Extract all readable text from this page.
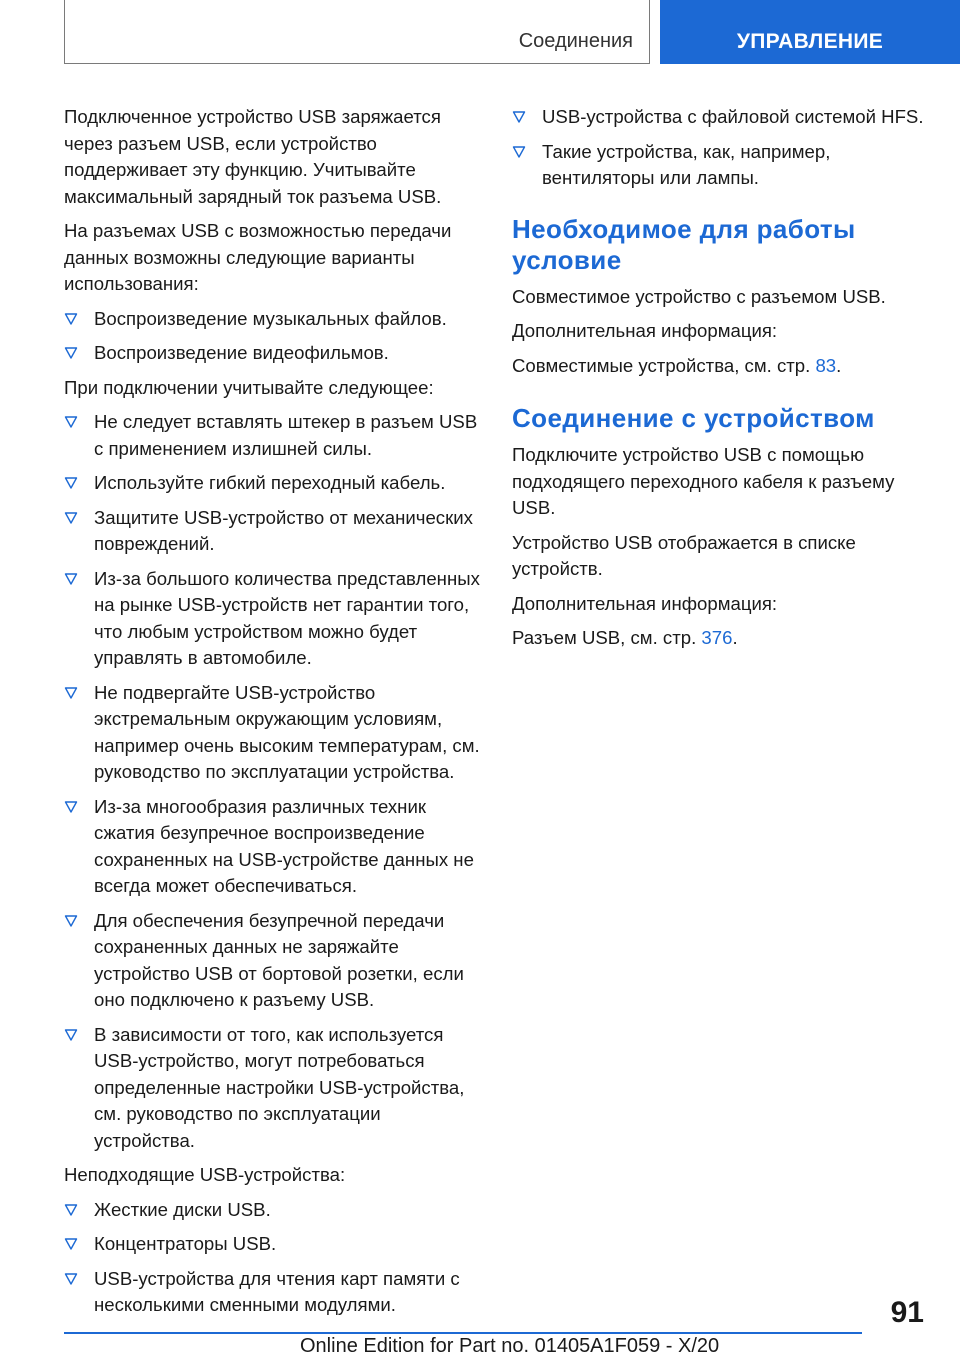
Соединения	УПРАВЛЕНИЕ

Подключенное устройство USB заряжается через разъем USB, если устройство поддерживает эту функцию. Учитывайте максимальный зарядный ток разъема USB.

На разъемах USB с возможностью передачи данных возможны следующие варианты использования:

Воспроизведение музыкальных файлов.
Воспроизведение видеофильмов.

При подключении учитывайте следующее:

Не следует вставлять штекер в разъем USB с применением излишней силы.
Используйте гибкий переходный кабель.
Защитите USB-устройство от механических повреждений.
Из-за большого количества представленных на рынке USB-устройств нет гарантии того, что любым устройством можно будет управлять в автомобиле.
Не подвергайте USB-устройство экстремальным окружающим условиям, например очень высоким температурам, см. руководство по эксплуатации устройства.
Из-за многообразия различных техник сжатия безупречное воспроизведение сохраненных на USB-устройстве данных не всегда может обеспечиваться.
Для обеспечения безупречной передачи сохраненных данных не заряжайте устройство USB от бортовой розетки, если оно подключено к разъему USB.
В зависимости от того, как используется USB-устройство, могут потребоваться определенные настройки USB-устройства, см. руководство по эксплуатации устройства.

Неподходящие USB-устройства:

Жесткие диски USB.
Концентраторы USB.
USB-устройства для чтения карт памяти с несколькими сменными модулями.
USB-устройства с файловой системой HFS.
Такие устройства, как, например, вентиляторы или лампы.
Необходимое для работы условие

Совместимое устройство с разъемом USB.

Дополнительная информация:

Совместимые устройства, см. стр. 83.

Соединение с устройством

Подключите устройство USB с помощью подходящего переходного кабеля к разъему USB.

Устройство USB отображается в списке устройств.

Дополнительная информация:

Разъем USB, см. стр. 376.

91
Online Edition for Part no. 01405A1F059 - X/20
